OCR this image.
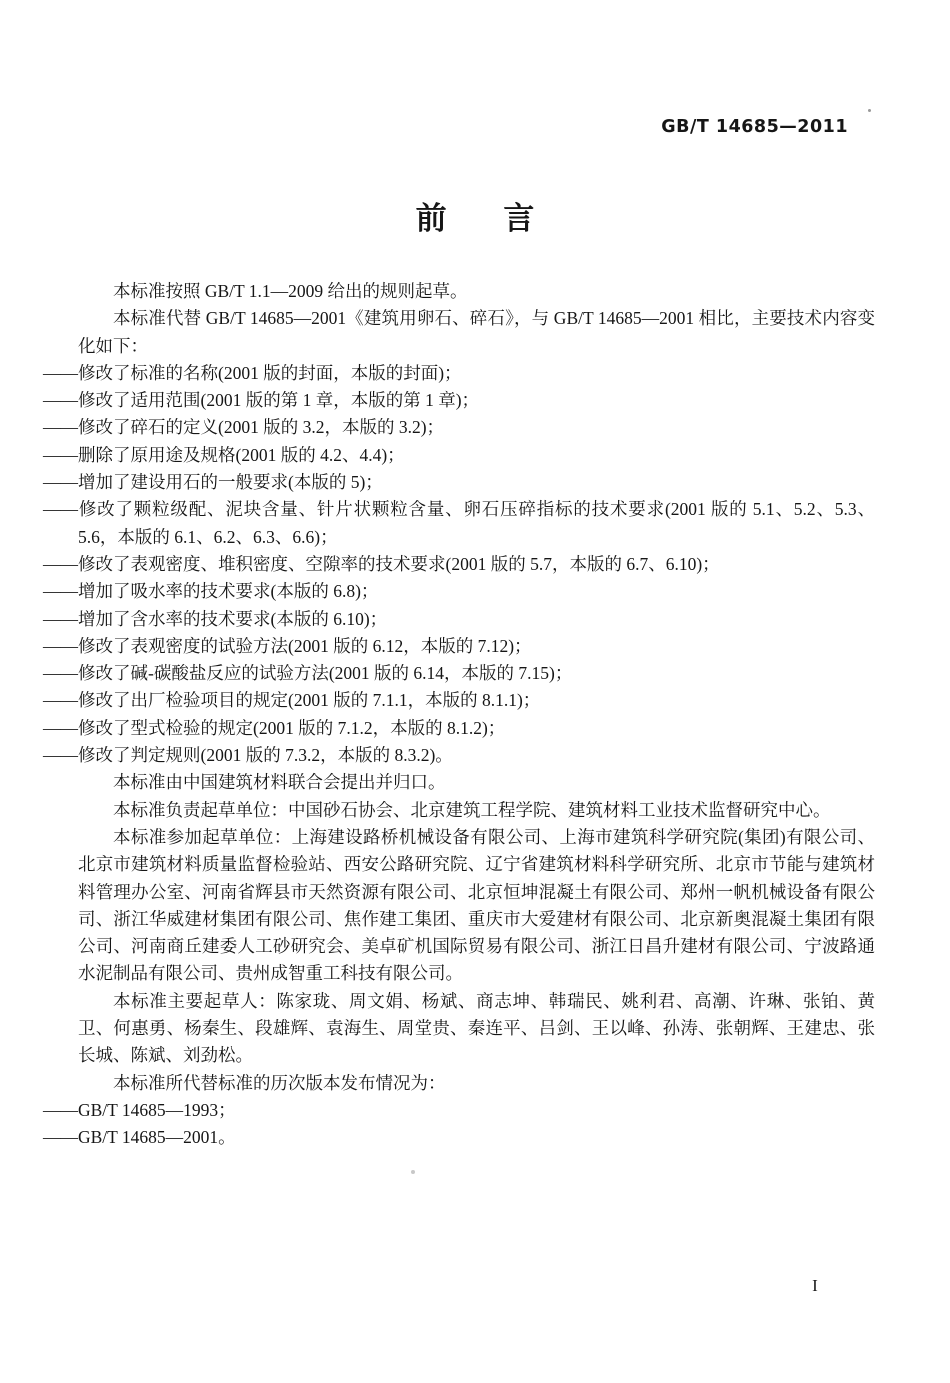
GB/T 14685—2011
前 言

本标准按照 GB/T 1.1—2009 给出的规则起草。

本标准代替 GB/T 14685—2001《建筑用卵石、碎石》，与 GB/T 14685—2001 相比，主要技术内容变化如下：

——修改了标准的名称(2001 版的封面，本版的封面)；

——修改了适用范围(2001 版的第 1 章，本版的第 1 章)；

——修改了碎石的定义(2001 版的 3.2，本版的 3.2)；

——删除了原用途及规格(2001 版的 4.2、4.4)；

——增加了建设用石的一般要求(本版的 5)；

——修改了颗粒级配、泥块含量、针片状颗粒含量、卵石压碎指标的技术要求(2001 版的 5.1、5.2、5.3、5.6，本版的 6.1、6.2、6.3、6.6)；

——修改了表观密度、堆积密度、空隙率的技术要求(2001 版的 5.7，本版的 6.7、6.10)；

——增加了吸水率的技术要求(本版的 6.8)；

——增加了含水率的技术要求(本版的 6.10)；

——修改了表观密度的试验方法(2001 版的 6.12，本版的 7.12)；

——修改了碱-碳酸盐反应的试验方法(2001 版的 6.14，本版的 7.15)；

——修改了出厂检验项目的规定(2001 版的 7.1.1，本版的 8.1.1)；

——修改了型式检验的规定(2001 版的 7.1.2，本版的 8.1.2)；

——修改了判定规则(2001 版的 7.3.2，本版的 8.3.2)。

本标准由中国建筑材料联合会提出并归口。

本标准负责起草单位：中国砂石协会、北京建筑工程学院、建筑材料工业技术监督研究中心。

本标准参加起草单位：上海建设路桥机械设备有限公司、上海市建筑科学研究院(集团)有限公司、北京市建筑材料质量监督检验站、西安公路研究院、辽宁省建筑材料科学研究所、北京市节能与建筑材料管理办公室、河南省辉县市天然资源有限公司、北京恒坤混凝土有限公司、郑州一帆机械设备有限公司、浙江华威建材集团有限公司、焦作建工集团、重庆市大爱建材有限公司、北京新奥混凝土集团有限公司、河南商丘建委人工砂研究会、美卓矿机国际贸易有限公司、浙江日昌升建材有限公司、宁波路通水泥制品有限公司、贵州成智重工科技有限公司。

本标准主要起草人：陈家珑、周文娟、杨斌、商志坤、韩瑞民、姚利君、高潮、许琳、张铂、黄卫、何惠勇、杨秦生、段雄辉、袁海生、周堂贵、秦连平、吕剑、王以峰、孙涛、张朝辉、王建忠、张长城、陈斌、刘劲松。

本标准所代替标准的历次版本发布情况为：

——GB/T 14685—1993；

——GB/T 14685—2001。

I
